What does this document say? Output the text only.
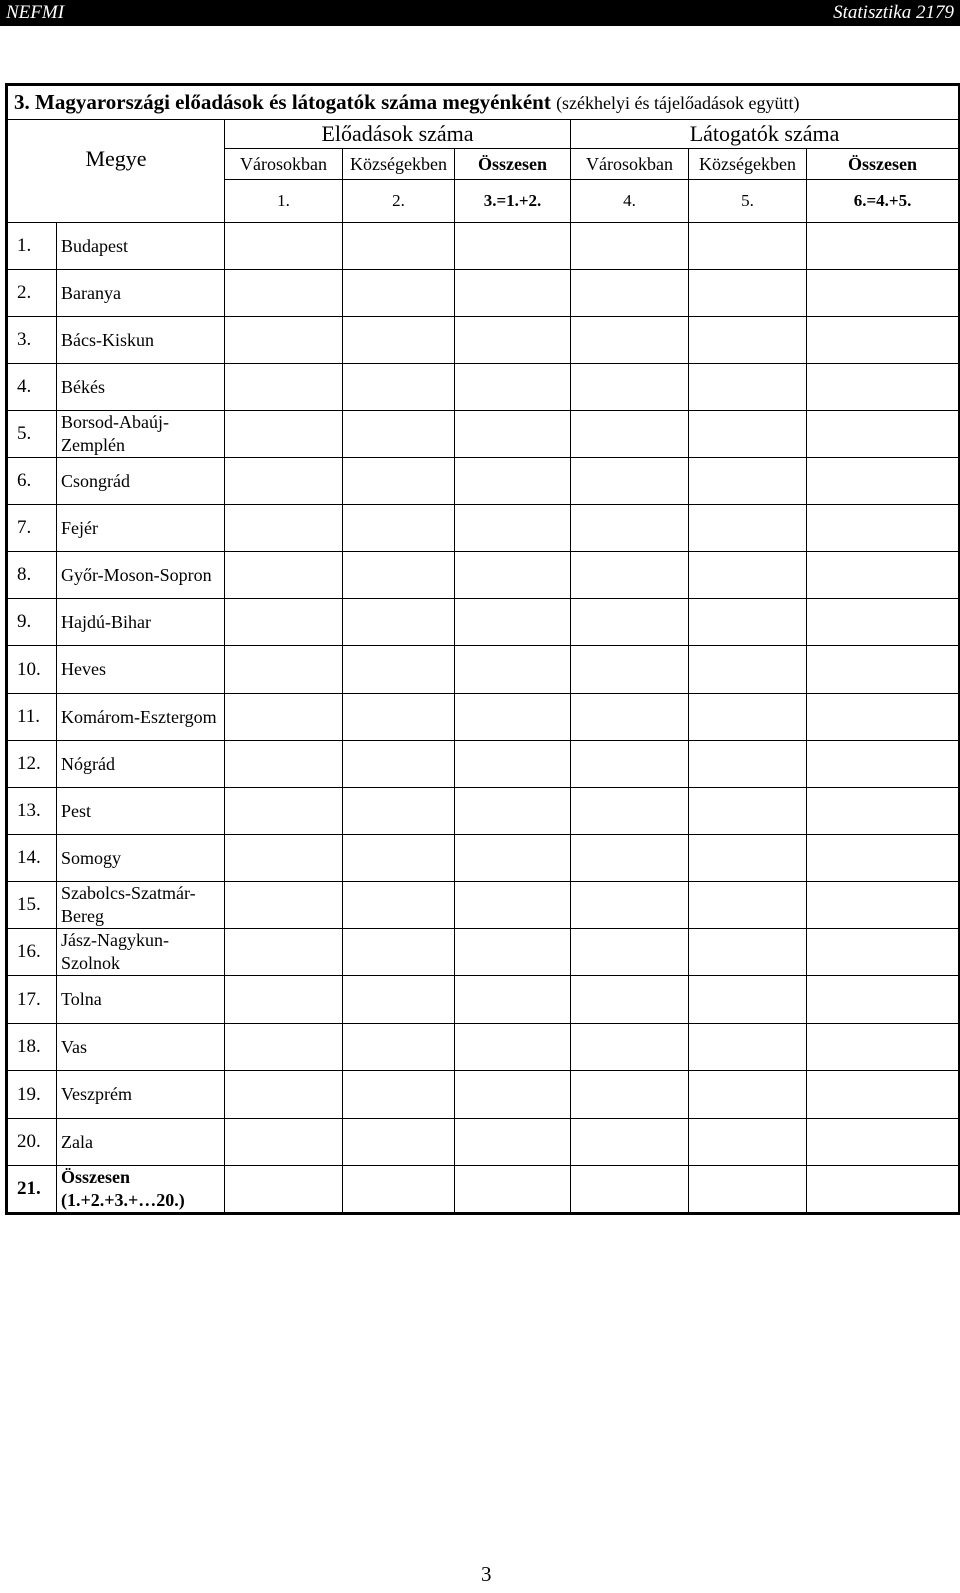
NEFMI	Statisztika 2179
3. Magyarországi előadások és látogatók száma megyénként (székhelyi és tájelőadások együtt)							
Megye		Előadások száma			Látogatók száma		
		Városokban	Községekben	Összesen	Városokban	Községekben	Összesen
		1.	2.	3.=1.+2.	4.	5.	6.=4.+5.
1.	Budapest						
2.	Baranya						
3.	Bács-Kiskun						
4.	Békés						
5.	Borsod-Abaúj-Zemplén						
6.	Csongrád						
7.	Fejér						
8.	Győr-Moson-Sopron						
9.	Hajdú-Bihar						
10.	Heves						
11.	Komárom-Esztergom						
12.	Nógrád						
13.	Pest						
14.	Somogy						
15.	Szabolcs-Szatmár-Bereg						
16.	Jász-Nagykun-Szolnok						
17.	Tolna						
18.	Vas						
19.	Veszprém						
20.	Zala						
21.	Összesen
(1.+2.+3.+…20.)						
3
